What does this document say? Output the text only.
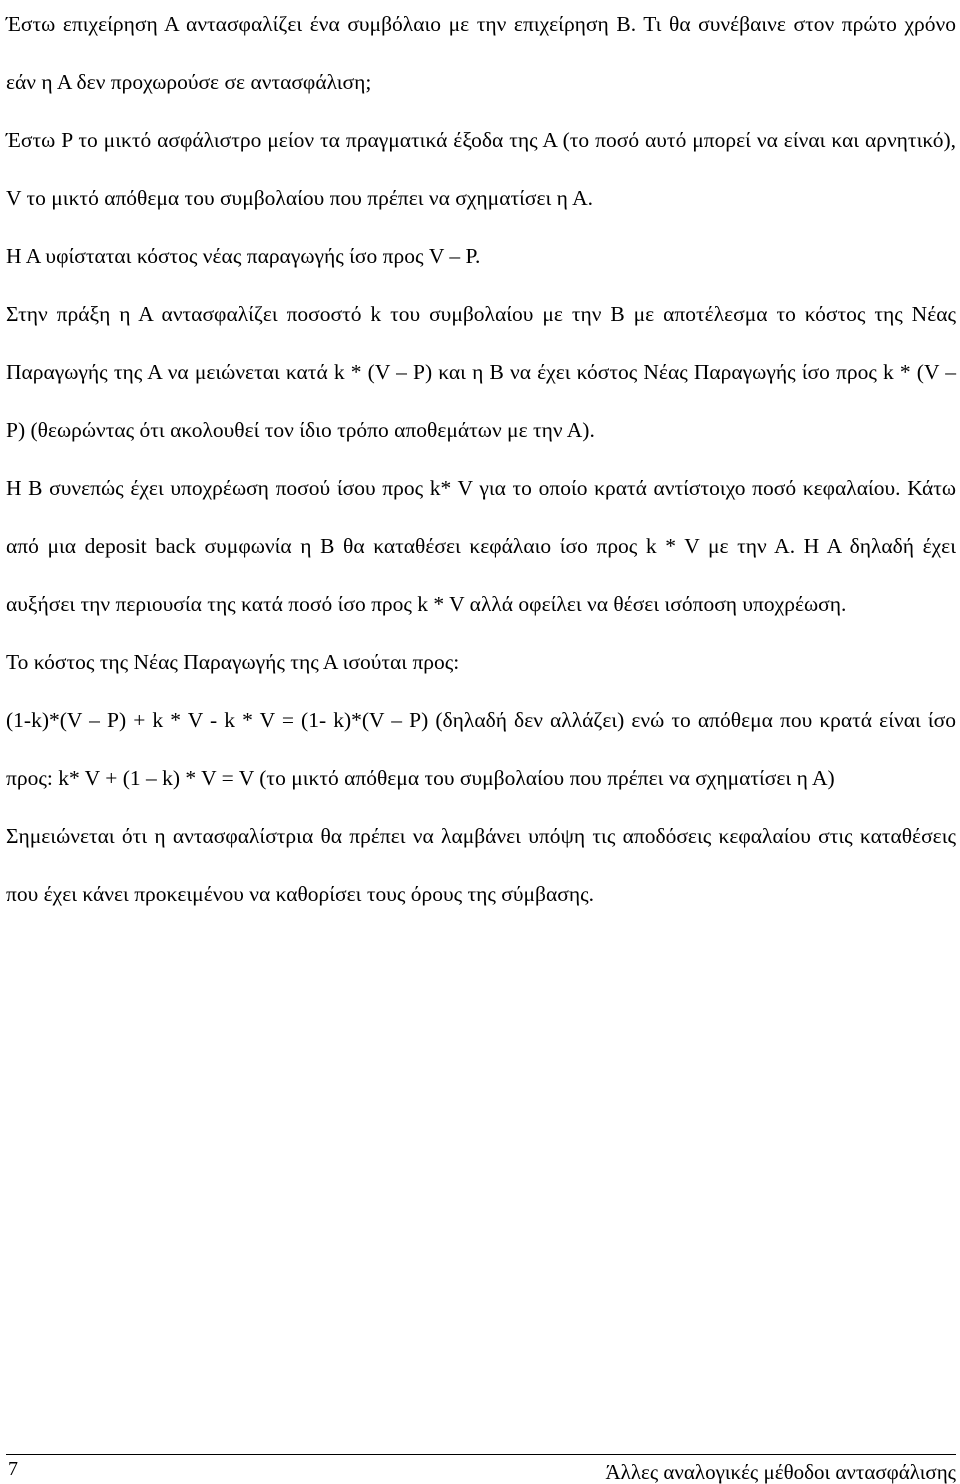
Έστω επιχείρηση Α αντασφαλίζει ένα συμβόλαιο με την επιχείρηση Β. Τι θα συνέβαινε στον πρώτο χρόνο εάν η Α δεν προχωρούσε σε αντασφάλιση;

Έστω P το μικτό ασφάλιστρο μείον τα πραγματικά έξοδα της Α (το ποσό αυτό μπορεί να είναι και αρνητικό), V το μικτό απόθεμα του συμβολαίου που πρέπει να σχηματίσει η Α.

Η Α υφίσταται κόστος νέας παραγωγής ίσο προς V – P.

Στην πράξη η Α αντασφαλίζει ποσοστό k του συμβολαίου με την Β με αποτέλεσμα το κόστος της Νέας Παραγωγής της Α να μειώνεται κατά k * (V – P) και η Β να έχει κόστος Νέας Παραγωγής ίσο προς k * (V – P) (θεωρώντας ότι ακολουθεί τον ίδιο τρόπο αποθεμάτων με την Α).

Η Β συνεπώς έχει υποχρέωση ποσού ίσου προς k* V για το οποίο κρατά αντίστοιχο ποσό κεφαλαίου. Κάτω από μια deposit back συμφωνία η Β θα καταθέσει κεφάλαιο ίσο προς k * V με την Α. Η Α δηλαδή έχει αυξήσει την περιουσία της κατά ποσό ίσο προς k * V αλλά οφείλει να θέσει ισόποση υποχρέωση.

Το κόστος της Νέας Παραγωγής της Α ισούται προς:

(1-k)*(V – P) + k * V - k * V = (1- k)*(V – P) (δηλαδή δεν αλλάζει) ενώ το απόθεμα που κρατά είναι ίσο προς: k* V + (1 – k) * V = V (το μικτό απόθεμα του συμβολαίου που πρέπει να σχηματίσει η Α)

Σημειώνεται ότι η αντασφαλίστρια θα πρέπει να λαμβάνει υπόψη τις αποδόσεις κεφαλαίου στις καταθέσεις που έχει κάνει προκειμένου να καθορίσει τους όρους της σύμβασης.

7	Άλλες αναλογικές μέθοδοι αντασφάλισης
